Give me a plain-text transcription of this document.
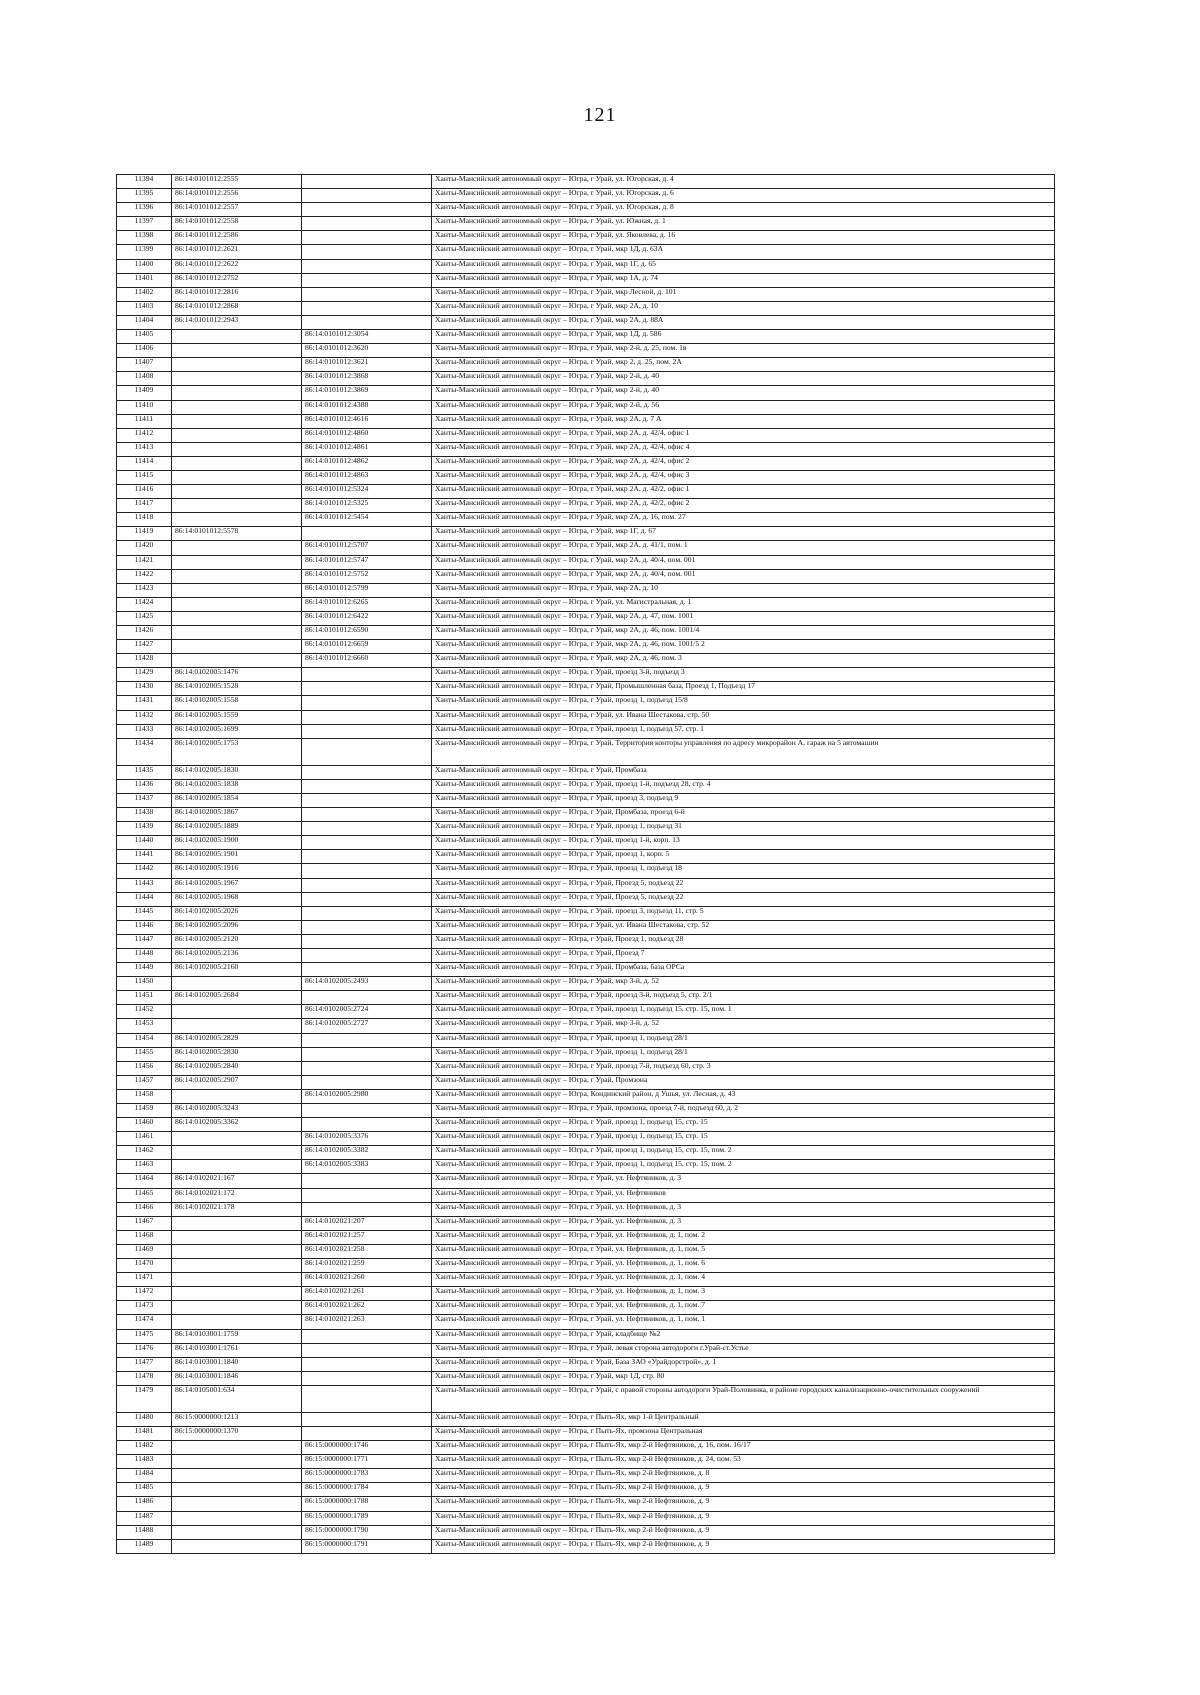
121
11394	86:14:0101012:2555		Ханты-Мансийский автономный округ – Югра, г Урай, ул. Югорская, д. 4
11395	86:14:0101012:2556		Ханты-Мансийский автономный округ – Югра, г Урай, ул. Югорская, д. 6
11396	86:14:0101012:2557		Ханты-Мансийский автономный округ – Югра, г Урай, ул. Югорская, д. 8
11397	86:14:0101012:2558		Ханты-Мансийский автономный округ – Югра, г Урай, ул. Южная, д. 1
11398	86:14:0101012:2586		Ханты-Мансийский автономный округ – Югра, г Урай, ул. Яковлева, д. 16
11399	86:14:0101012:2621		Ханты-Мансийский автономный округ – Югра, г Урай, мкр 1Д, д. 63А
11400	86:14:0101012:2622		Ханты-Мансийский автономный округ – Югра, г Урай, мкр 1Г, д. 65
11401	86:14:0101012:2752		Ханты-Мансийский автономный округ – Югра, г Урай, мкр 1А, д. 74
11402	86:14:0101012:2816		Ханты-Мансийский автономный округ – Югра, г Урай, мкр Лесной, д. 101
11403	86:14:0101012:2868		Ханты-Мансийский автономный округ – Югра, г Урай, мкр 2А, д. 10
11404	86:14:0101012:2943		Ханты-Мансийский автономный округ – Югра, г Урай, мкр 2А, д. 88А
11405		86:14:0101012:3054	Ханты-Мансийский автономный округ – Югра, г Урай, мкр 1Д, д. 586
11406		86:14:0101012:3620	Ханты-Мансийский автономный округ – Югра, г Урай, мкр 2-й, д. 25, пом. 1в
11407		86:14:0101012:3621	Ханты-Мансийский автономный округ – Югра, г Урай, мкр 2, д. 25, пом. 2А
11408		86:14:0101012:3868	Ханты-Мансийский автономный округ – Югра, г Урай, мкр 2-й, д. 40
11409		86:14:0101012:3869	Ханты-Мансийский автономный округ – Югра, г Урай, мкр 2-й, д. 40
11410		86:14:0101012:4388	Ханты-Мансийский автономный округ – Югра, г Урай, мкр 2-й, д. 56
11411		86:14:0101012:4616	Ханты-Мансийский автономный округ – Югра, г Урай, мкр 2А, д. 7 А
11412		86:14:0101012:4860	Ханты-Мансийский автономный округ – Югра, г Урай, мкр 2А, д. 42/4, офис 1
11413		86:14:0101012:4861	Ханты-Мансийский автономный округ – Югра, г Урай, мкр 2А, д. 42/4, офис 4
11414		86:14:0101012:4862	Ханты-Мансийский автономный округ – Югра, г Урай, мкр 2А, д. 42/4, офис 2
11415		86:14:0101012:4863	Ханты-Мансийский автономный округ – Югра, г Урай, мкр 2А, д. 42/4, офис 3
11416		86:14:0101012:5324	Ханты-Мансийский автономный округ – Югра, г Урай, мкр 2А, д. 42/2, офис 1
11417		86:14:0101012:5325	Ханты-Мансийский автономный округ – Югра, г Урай, мкр 2А, д. 42/2, офис 2
11418		86:14:0101012:5454	Ханты-Мансийский автономный округ – Югра, г Урай, мкр 2А, д. 16, пом. 27
11419	86:14:0101012:5578		Ханты-Мансийский автономный округ – Югра, г Урай, мкр 1Г, д. 67
11420		86:14:0101012:5707	Ханты-Мансийский автономный округ – Югра, г Урай, мкр 2А, д. 41/1, пом. 1
11421		86:14:0101012:5747	Ханты-Мансийский автономный округ – Югра, г Урай, мкр 2А, д. 40/4, пом. 001
11422		86:14:0101012:5752	Ханты-Мансийский автономный округ – Югра, г Урай, мкр 2А, д. 40/4, пом. 001
11423		86:14:0101012:5799	Ханты-Мансийский автономный округ – Югра, г Урай, мкр 2А, д. 10
11424		86:14:0101012:6265	Ханты-Мансийский автономный округ – Югра, г Урай, ул. Магистральная, д. 1
11425		86:14:0101012:6422	Ханты-Мансийский автономный округ – Югра, г Урай, мкр 2А, д. 47, пом. 1001
11426		86:14:0101012:6590	Ханты-Мансийский автономный округ – Югра, г Урай, мкр 2А, д. 46, пом. 1001/4
11427		86:14:0101012:6659	Ханты-Мансийский автономный округ – Югра, г Урай, мкр 2А, д. 46, пом. 1001/5 2
11428		86:14:0101012:6660	Ханты-Мансийский автономный округ – Югра, г Урай, мкр 2А, д. 46, пом. 3
11429	86:14:0102005:1476		Ханты-Мансийский автономный округ – Югра, г Урай, проезд 3-й, подъезд 3
11430	86:14:0102005:1528		Ханты-Мансийский автономный округ – Югра, г Урай, Промышленная база, Проезд 1, Подъезд 17
11431	86:14:0102005:1558		Ханты-Мансийский автономный округ – Югра, г Урай, проезд 1, подъезд 15/8
11432	86:14:0102005:1559		Ханты-Мансийский автономный округ – Югра, г Урай, ул. Ивана Шестакова, стр. 50
11433	86:14:0102005:1699		Ханты-Мансийский автономный округ – Югра, г Урай, проезд 1, подъезд 57, стр. 1
11434	86:14:0102005:1753		Ханты-Мансийский автономный округ – Югра, г Урай, Территория конторы управления по адресу микрорайон А, гараж на 5 автомашин
11435	86:14:0102005:1830		Ханты-Мансийский автономный округ – Югра, г Урай, Промбаза
11436	86:14:0102005:1838		Ханты-Мансийский автономный округ – Югра, г Урай, проезд 1-й, подъезд 28, стр. 4
11437	86:14:0102005:1854		Ханты-Мансийский автономный округ – Югра, г Урай, проезд 3, подъезд 9
11438	86:14:0102005:1867		Ханты-Мансийский автономный округ – Югра, г Урай, Промбаза, проезд 6-й
11439	86:14:0102005:1889		Ханты-Мансийский автономный округ – Югра, г Урай, проезд 1, подъезд 31
11440	86:14:0102005:1900		Ханты-Мансийский автономный округ – Югра, г Урай, проезд 1-й, корп. 13
11441	86:14:0102005:1901		Ханты-Мансийский автономный округ – Югра, г Урай, проезд 1, корп. 5
11442	86:14:0102005:1916		Ханты-Мансийский автономный округ – Югра, г Урай, проезд 1, подъезд 18
11443	86:14:0102005:1967		Ханты-Мансийский автономный округ – Югра, г Урай, Проезд 5, подъезд 22
11444	86:14:0102005:1968		Ханты-Мансийский автономный округ – Югра, г Урай, Проезд 5, подъезд 22
11445	86:14:0102005:2026		Ханты-Мансийский автономный округ – Югра, г Урай, проезд 3, подъезд 11, стр. 5
11446	86:14:0102005:2096		Ханты-Мансийский автономный округ – Югра, г Урай, ул. Ивана Шестакова, стр. 52
11447	86:14:0102005:2120		Ханты-Мансийский автономный округ – Югра, г Урай, Проезд 1, подъезд 28
11448	86:14:0102005:2136		Ханты-Мансийский автономный округ – Югра, г Урай, Проезд 7
11449	86:14:0102005:2160		Ханты-Мансийский автономный округ – Югра, г Урай, Промбаза, база ОРСа
11450		86:14:0102005:2493	Ханты-Мансийский автономный округ – Югра, г Урай, мкр 3-й, д. 52
11451	86:14:0102005:2684		Ханты-Мансийский автономный округ – Югра, г Урай, проезд 3-й, подъезд 5, стр. 2/1
11452		86:14:0102005:2724	Ханты-Мансийский автономный округ – Югра, г Урай, проезд 1, подъезд 15, стр. 15, пом. 1
11453		86:14:0102005:2727	Ханты-Мансийский автономный округ – Югра, г Урай, мкр 3-й, д. 52
11454	86:14:0102005:2829		Ханты-Мансийский автономный округ – Югра, г Урай, проезд 1, подъезд 28/1
11455	86:14:0102005:2830		Ханты-Мансийский автономный округ – Югра, г Урай, проезд 1, подъезд 28/1
11456	86:14:0102005:2840		Ханты-Мансийский автономный округ – Югра, г Урай, проезд 7-й, подъезд 60, стр. 3
11457	86:14:0102005:2907		Ханты-Мансийский автономный округ – Югра, г Урай, Промзона
11458		86:14:0102005:2980	Ханты-Мансийский автономный округ – Югра, Кондинский район, д Ушья, ул. Лесная, д. 43
11459	86:14:0102005:3243		Ханты-Мансийский автономный округ – Югра, г Урай, промзона, проезд 7-й, подъезд 60, д. 2
11460	86:14:0102005:3362		Ханты-Мансийский автономный округ – Югра, г Урай, проезд 1, подъезд 15, стр. 15
11461		86:14:0102005:3376	Ханты-Мансийский автономный округ – Югра, г Урай, проезд 1, подъезд 15, стр. 15
11462		86:14:0102005:3382	Ханты-Мансийский автономный округ – Югра, г Урай, проезд 1, подъезд 15, стр. 15, пом. 2
11463		86:14:0102005:3383	Ханты-Мансийский автономный округ – Югра, г Урай, проезд 1, подъезд 15, стр. 15, пом. 2
11464	86:14:0102021:167		Ханты-Мансийский автономный округ – Югра, г Урай, ул. Нефтяников, д. 3
11465	86:14:0102021:172		Ханты-Мансийский автономный округ – Югра, г Урай, ул. Нефтяников
11466	86:14:0102021:178		Ханты-Мансийский автономный округ – Югра, г Урай, ул. Нефтяников, д. 3
11467		86:14:0102021:207	Ханты-Мансийский автономный округ – Югра, г Урай, ул. Нефтяников, д. 3
11468		86:14:0102021:257	Ханты-Мансийский автономный округ – Югра, г Урай, ул. Нефтяников, д. 1, пом. 2
11469		86:14:0102021:258	Ханты-Мансийский автономный округ – Югра, г Урай, ул. Нефтяников, д. 1, пом. 5
11470		86:14:0102021:259	Ханты-Мансийский автономный округ – Югра, г Урай, ул. Нефтяников, д. 1, пом. 6
11471		86:14:0102021:260	Ханты-Мансийский автономный округ – Югра, г Урай, ул. Нефтяников, д. 1, пом. 4
11472		86:14:0102021:261	Ханты-Мансийский автономный округ – Югра, г Урай, ул. Нефтяников, д. 1, пом. 3
11473		86:14:0102021:262	Ханты-Мансийский автономный округ – Югра, г Урай, ул. Нефтяников, д. 1, пом. 7
11474		86:14:0102021:263	Ханты-Мансийский автономный округ – Югра, г Урай, ул. Нефтяников, д. 1, пом. 1
11475	86:14:0103001:1759		Ханты-Мансийский автономный округ – Югра, г Урай, кладбище №2
11476	86:14:0103001:1761		Ханты-Мансийский автономный округ – Югра, г Урай, левая сторона автодороги г.Урай-ст.Устье
11477	86:14:0103001:1840		Ханты-Мансийский автономный округ – Югра, г Урай, База ЗАО «Урайдорстрой», д. 1
11478	86:14:0103001:1846		Ханты-Мансийский автономный округ – Югра, г Урай, мкр 1Д, стр. 80
11479	86:14:0105001:634		Ханты-Мансийский автономный округ – Югра, г Урай, с правой стороны автодороги Урай-Половинка, в районе городских канализационно-очистительных сооружений
11480	86:15:0000000:1213		Ханты-Мансийский автономный округ – Югра, г Пыть-Ях, мкр 1-й Центральный
11481	86:15:0000000:1370		Ханты-Мансийский автономный округ – Югра, г Пыть-Ях, промзона Центральная
11482		86:15:0000000:1746	Ханты-Мансийский автономный округ – Югра, г Пыть-Ях, мкр 2-й Нефтяников, д. 16, пом. 16/17
11483		86:15:0000000:1771	Ханты-Мансийский автономный округ – Югра, г Пыть-Ях, мкр 2-й Нефтяников, д. 24, пом. 53
11484		86:15:0000000:1783	Ханты-Мансийский автономный округ – Югра, г Пыть-Ях, мкр 2-й Нефтяников, д. 8
11485		86:15:0000000:1784	Ханты-Мансийский автономный округ – Югра, г Пыть-Ях, мкр 2-й Нефтяников, д. 9
11486		86:15:0000000:1788	Ханты-Мансийский автономный округ – Югра, г Пыть-Ях, мкр 2-й Нефтяников, д. 9
11487		86:15:0000000:1789	Ханты-Мансийский автономный округ – Югра, г Пыть-Ях, мкр 2-й Нефтяников, д. 9
11488		86:15:0000000:1790	Ханты-Мансийский автономный округ – Югра, г Пыть-Ях, мкр 2-й Нефтяников, д. 9
11489		86:15:0000000:1791	Ханты-Мансийский автономный округ – Югра, г Пыть-Ях, мкр 2-й Нефтяников, д. 9
